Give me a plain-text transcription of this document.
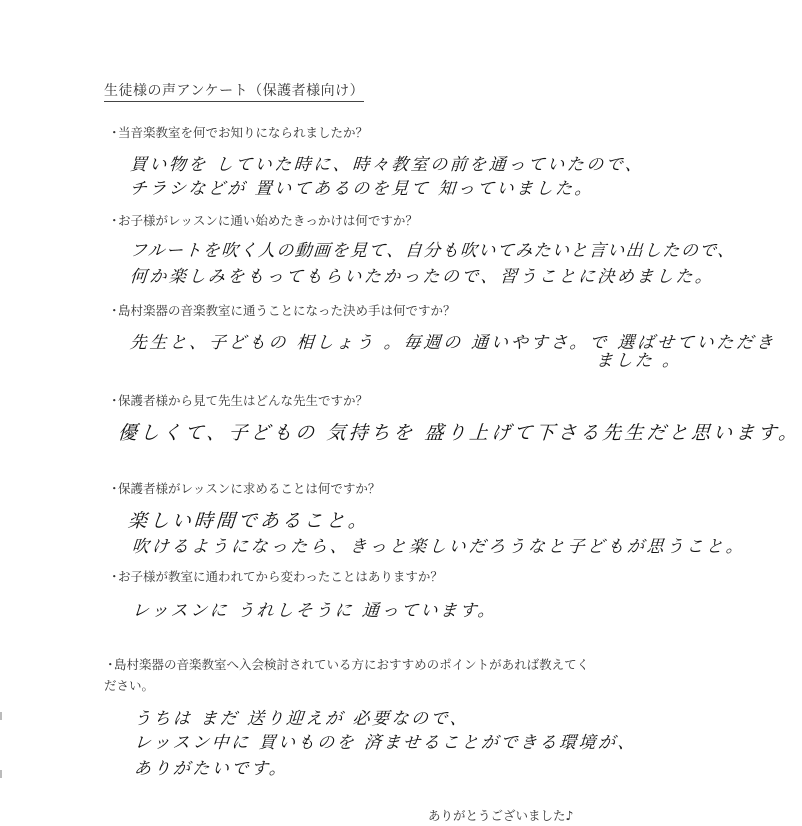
生徒様の声アンケート（保護者様向け）
・当音楽教室を何でお知りになられましたか？
買い物を していた時に、時々教室の前を通っていたので、
チラシなどが 置いてあるのを見て 知っていました。
・お子様がレッスンに通い始めたきっかけは何ですか？
フルートを吹く人の動画を見て、自分も吹いてみたいと言い出したので、
何か楽しみをもってもらいたかったので、習うことに決めました。
・島村楽器の音楽教室に通うことになった決め手は何ですか？
先生と、子どもの 相しょう 。毎週の 通いやすさ。で 選ばせていただき
ました 。
・保護者様から見て先生はどんな先生ですか？
優しくて、子どもの 気持ちを 盛り上げて下さる先生だと思います。
・保護者様がレッスンに求めることは何ですか？
楽しい時間であること。
吹けるようになったら、きっと楽しいだろうなと子どもが思うこと。
・お子様が教室に通われてから変わったことはありますか？
レッスンに うれしそうに 通っています。
・島村楽器の音楽教室へ入会検討されている方におすすめのポイントがあれば教えてく
ださい。
うちは まだ 送り迎えが 必要なので、
レッスン中に 買いものを 済ませることができる環境が、
ありがたいです。
ありがとうございました♪
